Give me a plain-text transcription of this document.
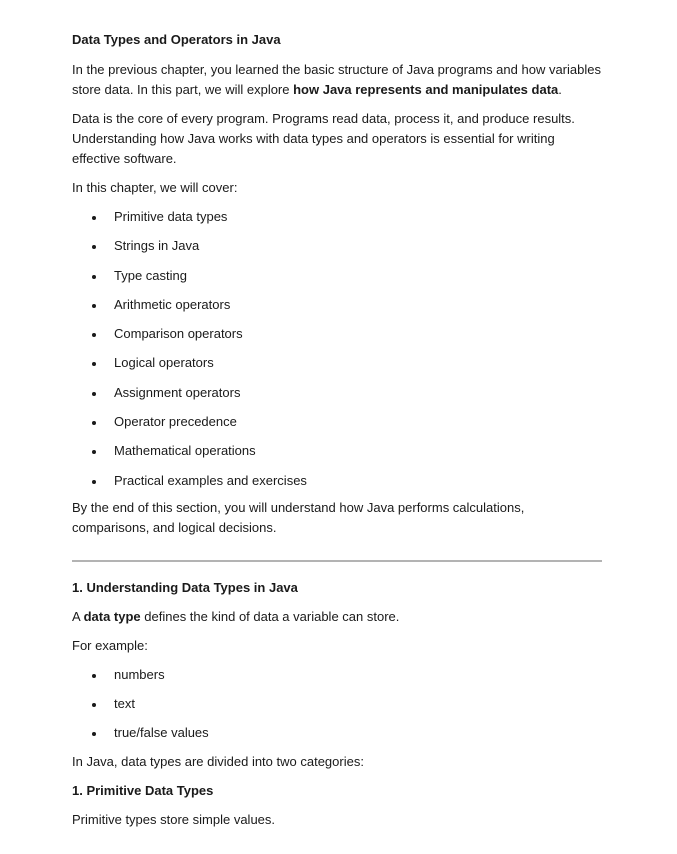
Data Types and Operators in Java

In the previous chapter, you learned the basic structure of Java programs and how variables store data. In this part, we will explore how Java represents and manipulates data.

Data is the core of every program. Programs read data, process it, and produce results. Understanding how Java works with data types and operators is essential for writing effective software.

In this chapter, we will cover:

Primitive data types
Strings in Java
Type casting
Arithmetic operators
Comparison operators
Logical operators
Assignment operators
Operator precedence
Mathematical operations
Practical examples and exercises

By the end of this section, you will understand how Java performs calculations, comparisons, and logical decisions.

1. Understanding Data Types in Java

A data type defines the kind of data a variable can store.

For example:

numbers
text
true/false values

In Java, data types are divided into two categories:

1. Primitive Data Types

Primitive types store simple values.
